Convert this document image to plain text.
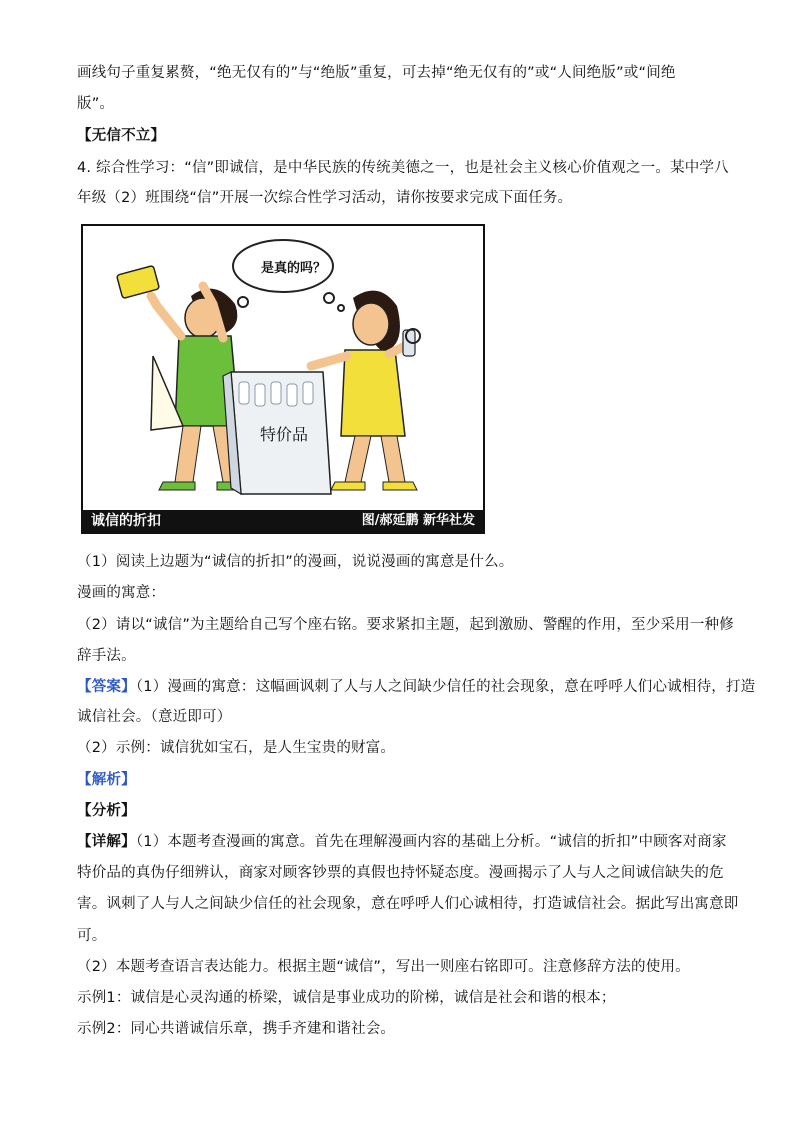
画线句子重复累赘，“绝无仅有的”与“绝版”重复，可去掉“绝无仅有的”或“人间绝版”或“间绝
版”。
【无信不立】
4. 综合性学习：“信”即诚信，是中华民族的传统美德之一，也是社会主义核心价值观之一。某中学八
年级（2）班围绕“信”开展一次综合性学习活动，请你按要求完成下面任务。
是真的吗？
特价品
诚信的折扣	图/郝延鹏 新华社发
（1）阅读上边题为“诚信的折扣”的漫画，说说漫画的寓意是什么。
漫画的寓意：
（2）请以“诚信”为主题给自己写个座右铭。要求紧扣主题，起到激励、警醒的作用，至少采用一种修
辞手法。
【答案】（1）漫画的寓意：这幅画讽刺了人与人之间缺少信任的社会现象，意在呼呼人们心诚相待，打造
诚信社会。（意近即可）
（2）示例：诚信犹如宝石，是人生宝贵的财富。
【解析】
【分析】
【详解】（1）本题考查漫画的寓意。首先在理解漫画内容的基础上分析。“诚信的折扣”中顾客对商家
特价品的真伪仔细辨认，商家对顾客钞票的真假也持怀疑态度。漫画揭示了人与人之间诚信缺失的危
害。讽刺了人与人之间缺少信任的社会现象，意在呼呼人们心诚相待，打造诚信社会。据此写出寓意即
可。
（2）本题考查语言表达能力。根据主题“诚信”，写出一则座右铭即可。注意修辞方法的使用。
示例1：诚信是心灵沟通的桥梁，诚信是事业成功的阶梯，诚信是社会和谐的根本；
示例2：同心共谱诚信乐章，携手齐建和谐社会。
